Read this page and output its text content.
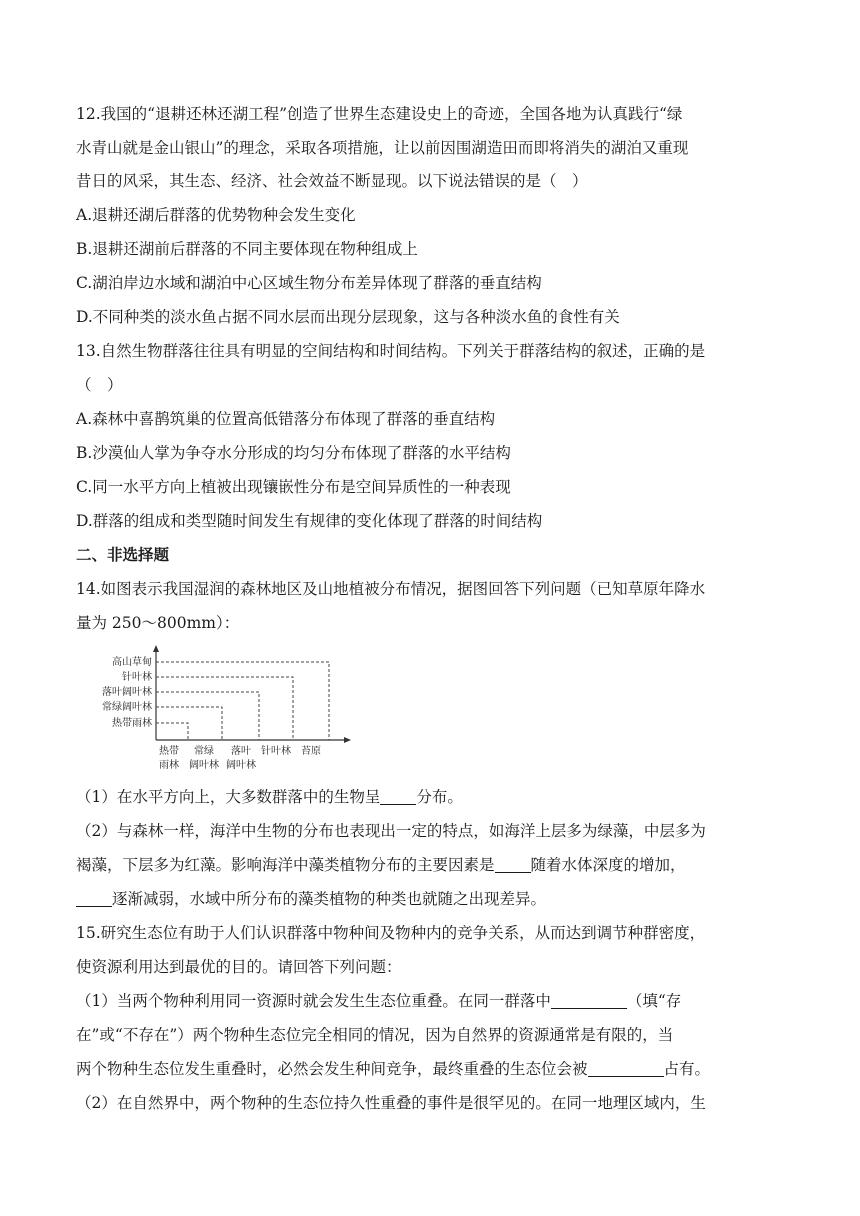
12.我国的“退耕还林还湖工程”创造了世界生态建设史上的奇迹，全国各地为认真践行“绿
水青山就是金山银山”的理念，采取各项措施，让以前因围湖造田而即将消失的湖泊又重现
昔日的风采，其生态、经济、社会效益不断显现。以下说法错误的是（　）
A.退耕还湖后群落的优势物种会发生变化
B.退耕还湖前后群落的不同主要体现在物种组成上
C.湖泊岸边水域和湖泊中心区域生物分布差异体现了群落的垂直结构
D.不同种类的淡水鱼占据不同水层而出现分层现象，这与各种淡水鱼的食性有关
13.自然生物群落往往具有明显的空间结构和时间结构。下列关于群落结构的叙述，正确的是
（　）
A.森林中喜鹊筑巢的位置高低错落分布体现了群落的垂直结构
B.沙漠仙人掌为争夺水分形成的均匀分布体现了群落的水平结构
C.同一水平方向上植被出现镶嵌性分布是空间异质性的一种表现
D.群落的组成和类型随时间发生有规律的变化体现了群落的时间结构
二、非选择题
14.如图表示我国湿润的森林地区及山地植被分布情况，据图回答下列问题（已知草原年降水
量为 250～800mm）：
高山草甸
针叶林
落叶阔叶林
常绿阔叶林
热带雨林
热带
雨林
常绿
阔叶林
落叶
阔叶林
针叶林 苔原
（1）在水平方向上，大多数群落中的生物呈 分布。
（2）与森林一样，海洋中生物的分布也表现出一定的特点，如海洋上层多为绿藻，中层多为
褐藻，下层多为红藻。影响海洋中藻类植物分布的主要因素是 随着水体深度的增加，
逐渐减弱，水域中所分布的藻类植物的种类也就随之出现差异。
15.研究生态位有助于人们认识群落中物种间及物种内的竞争关系，从而达到调节种群密度，
使资源利用达到最优的目的。请回答下列问题：
（1）当两个物种利用同一资源时就会发生生态位重叠。在同一群落中	（填“存
在”或“不存在”）两个物种生态位完全相同的情况，因为自然界的资源通常是有限的，当
两个物种生态位发生重叠时，必然会发生种间竞争，最终重叠的生态位会被	占有。
（2）在自然界中，两个物种的生态位持久性重叠的事件是很罕见的。在同一地理区域内，生
